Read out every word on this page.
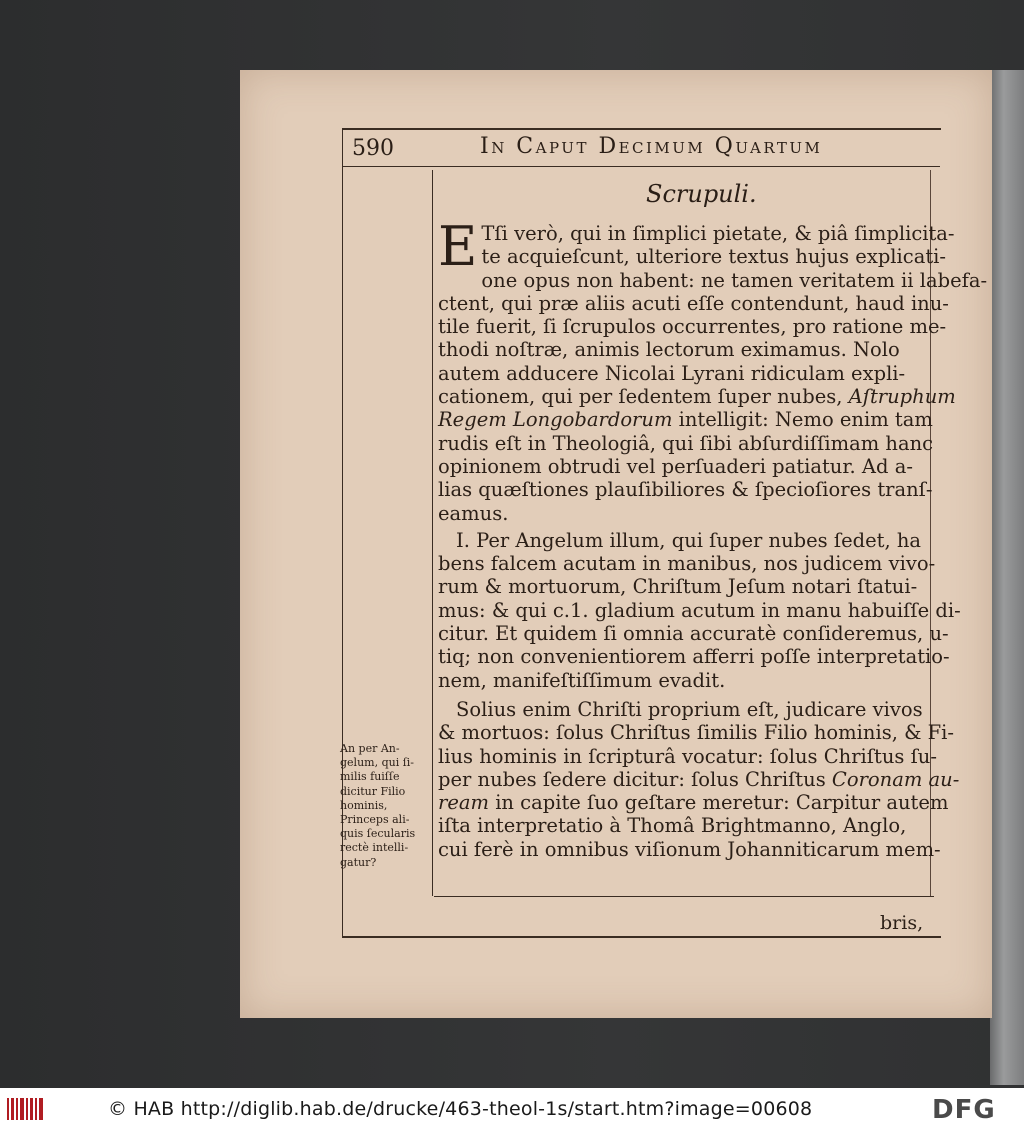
590	In Caput Decimum Quartum
Scrupuli.
E Tſi verò, qui in ſimplici pietate, & piâ ſimplicita-
te acquieſcunt, ulteriore textus hujus explicati-
one opus non habent: ne tamen veritatem ii labefa-
ctent, qui præ aliis acuti eſſe contendunt, haud inu-
tile fuerit, ſi ſcrupulos occurrentes, pro ratione me-
thodi noſtræ, animis lectorum eximamus. Nolo
autem adducere Nicolai Lyrani ridiculam expli-
cationem, qui per ſedentem ſuper nubes, Aſtruphum
Regem Longobardorum intelligit: Nemo enim tam
rudis eſt in Theologiâ, qui ſibi abſurdiſſimam hanc
opinionem obtrudi vel perſuaderi patiatur. Ad a-
lias quæſtiones plauſibiliores & ſpecioſiores tranſ-
eamus.
I. Per Angelum illum, qui ſuper nubes ſedet, ha
bens falcem acutam in manibus, nos judicem vivo-
rum & mortuorum, Chriſtum Jeſum notari ſtatui-
mus: & qui c.1. gladium acutum in manu habuiſſe di-
citur. Et quidem ſi omnia accuratè conſideremus, u-
tiq; non convenientiorem afferri poſſe interpretatio-
nem, manifeſtiſſimum evadit.
Solius enim Chriſti proprium eſt, judicare vivos
& mortuos: ſolus Chriſtus ſimilis Filio hominis, & Fi-
lius hominis in ſcripturâ vocatur: ſolus Chriſtus ſu-
per nubes ſedere dicitur: ſolus Chriſtus Coronam au-
ream in capite ſuo geſtare meretur: Carpitur autem
iſta interpretatio à Thomâ Brightmanno, Anglo,
cui ferè in omnibus viſionum Johanniticarum mem-
An per An-
gelum, qui ſi-
milis fuiſſe
dicitur Filio
hominis,
Princeps ali-
quis ſecularis
rectè intelli-
gatur?
bris,
© HAB http://diglib.hab.de/drucke/463-theol-1s/start.htm?image=00608	DFG
